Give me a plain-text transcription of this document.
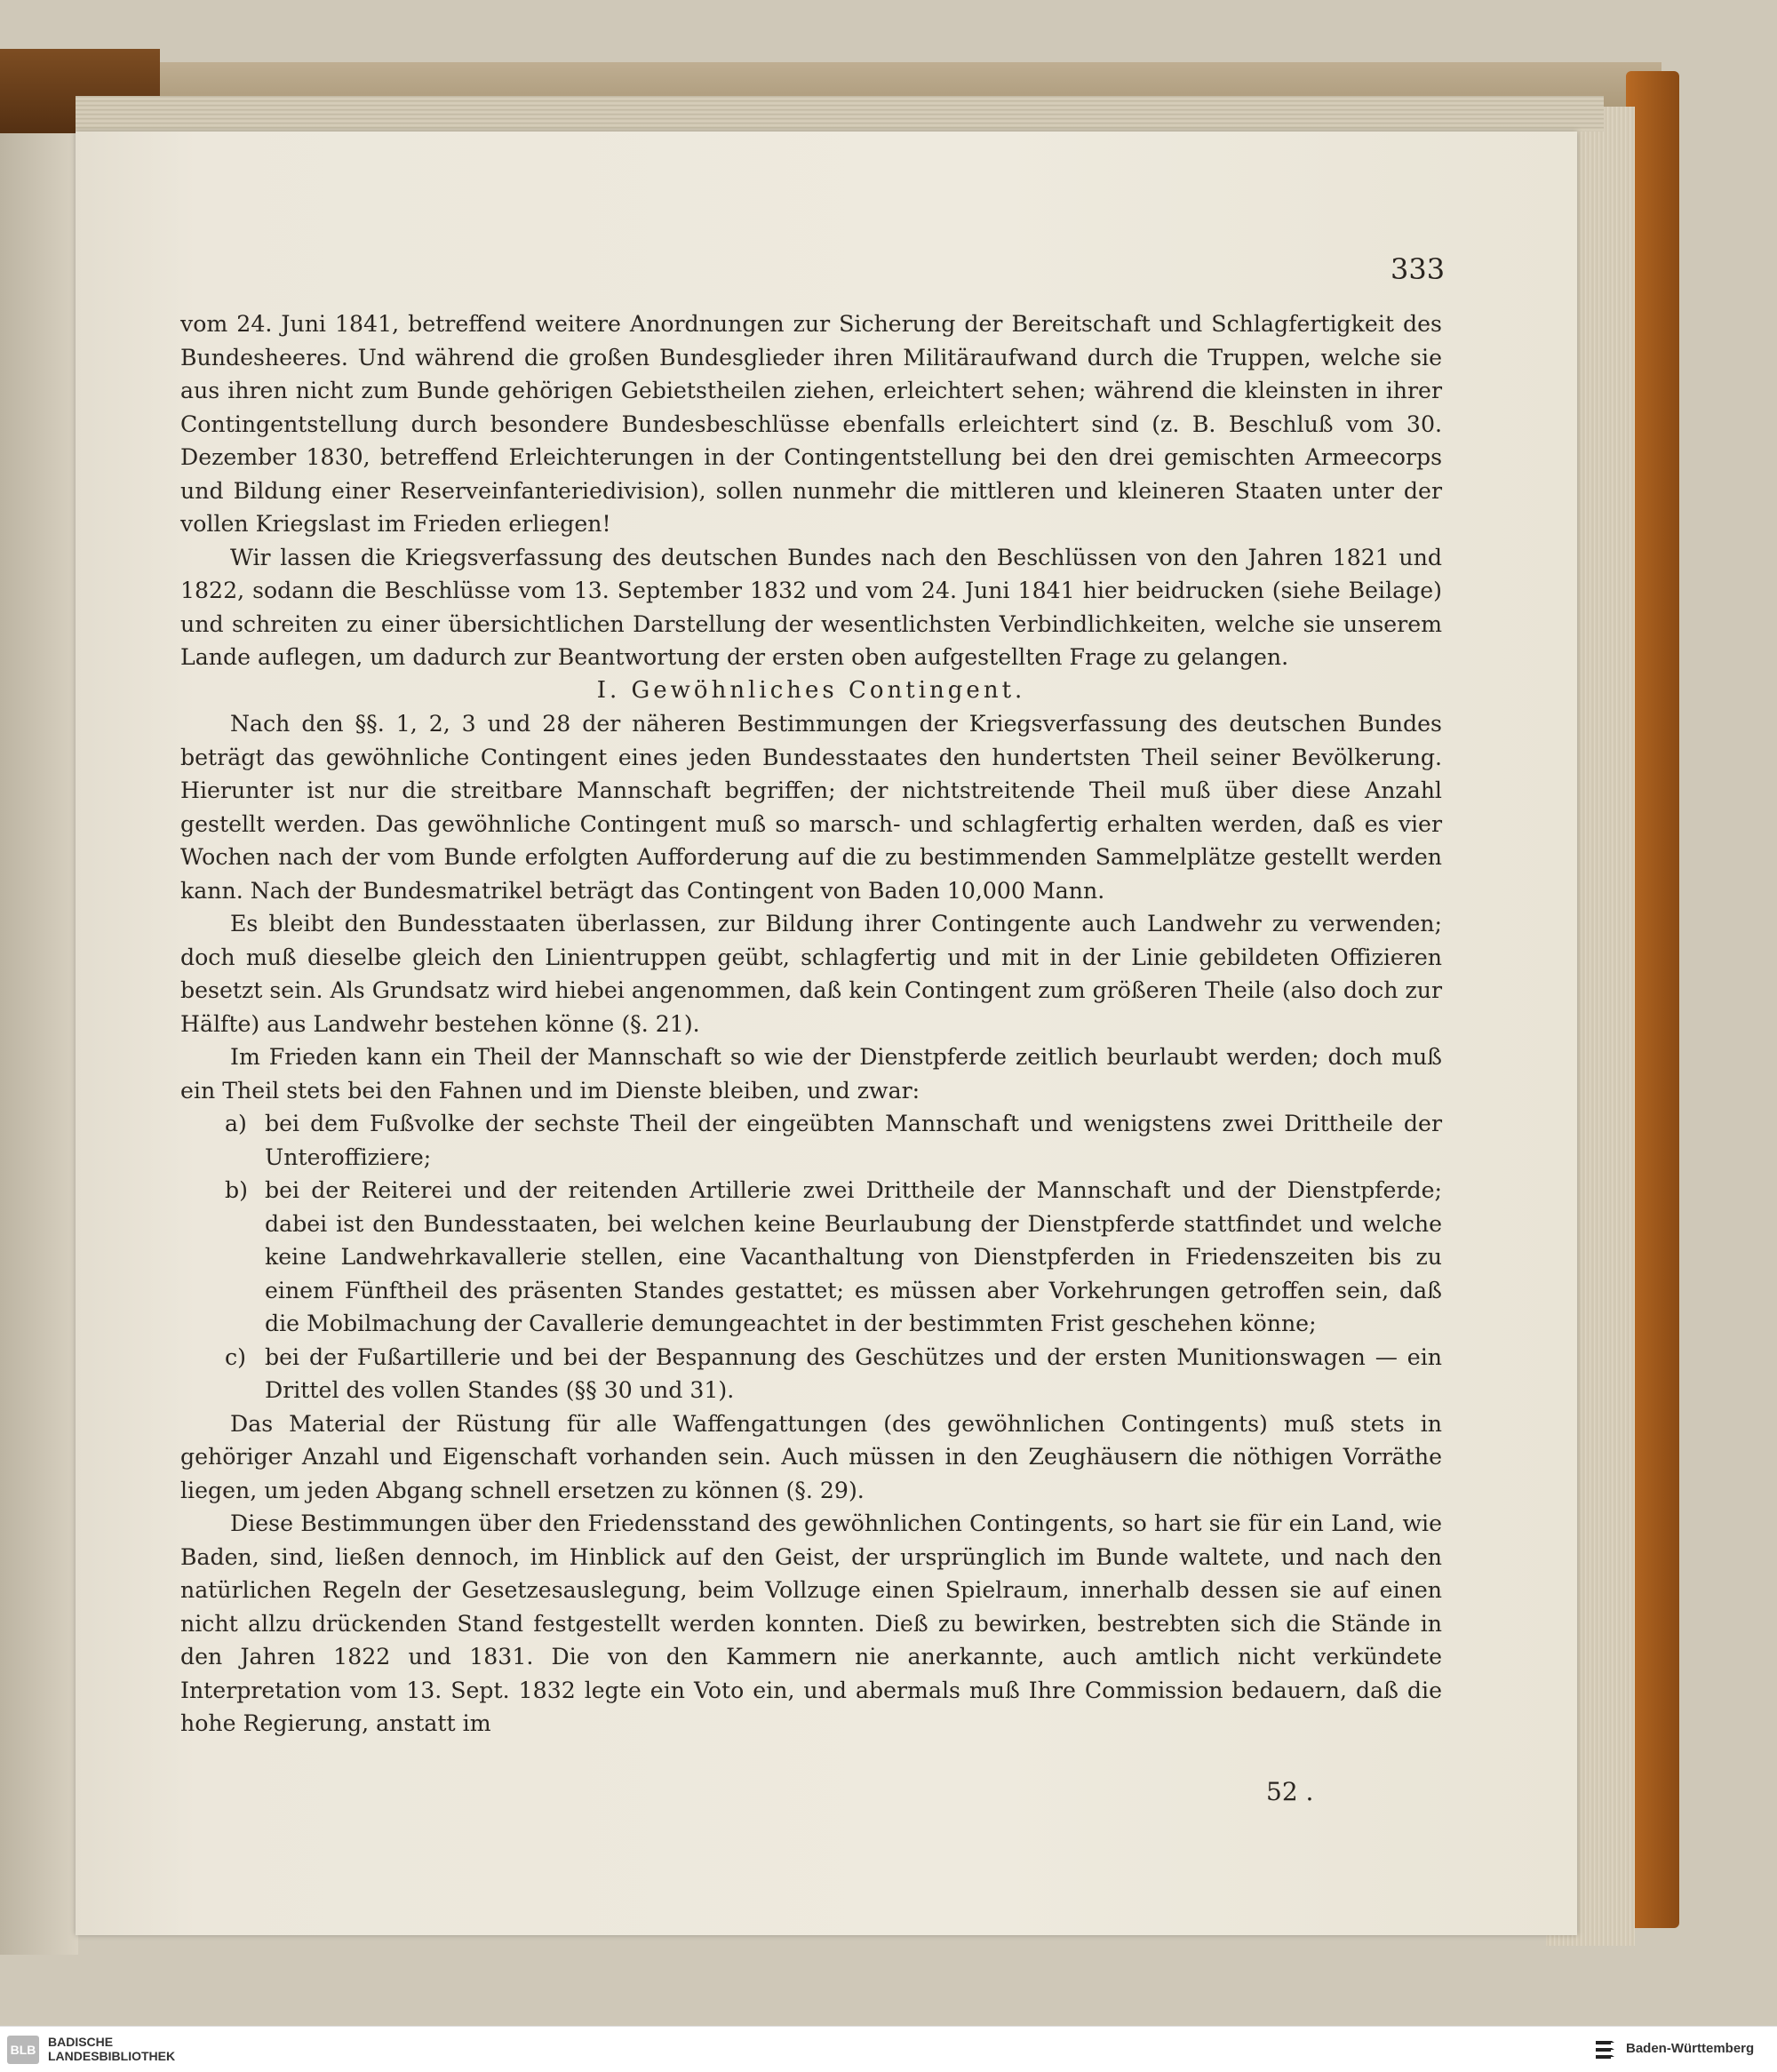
333

vom 24. Juni 1841, betreffend weitere Anordnungen zur Sicherung der Bereitschaft und Schlagfertigkeit des Bundesheeres. Und während die großen Bundesglieder ihren Militäraufwand durch die Truppen, welche sie aus ihren nicht zum Bunde gehörigen Gebietstheilen ziehen, erleichtert sehen; während die kleinsten in ihrer Contingentstellung durch besondere Bundesbeschlüsse ebenfalls erleichtert sind (z. B. Beschluß vom 30. Dezember 1830, betreffend Erleichterungen in der Contingentstellung bei den drei gemischten Armeecorps und Bildung einer Reserveinfanteriedivision), sollen nunmehr die mittleren und kleineren Staaten unter der vollen Kriegslast im Frieden erliegen!

Wir lassen die Kriegsverfassung des deutschen Bundes nach den Beschlüssen von den Jahren 1821 und 1822, sodann die Beschlüsse vom 13. September 1832 und vom 24. Juni 1841 hier beidrucken (siehe Beilage) und schreiten zu einer übersichtlichen Darstellung der wesentlichsten Verbindlichkeiten, welche sie unserem Lande auflegen, um dadurch zur Beantwortung der ersten oben aufgestellten Frage zu gelangen.

I. Gewöhnliches Contingent.

Nach den §§. 1, 2, 3 und 28 der näheren Bestimmungen der Kriegsverfassung des deutschen Bundes beträgt das gewöhnliche Contingent eines jeden Bundesstaates den hundertsten Theil seiner Bevölkerung. Hierunter ist nur die streitbare Mannschaft begriffen; der nichtstreitende Theil muß über diese Anzahl gestellt werden. Das gewöhnliche Contingent muß so marsch- und schlagfertig erhalten werden, daß es vier Wochen nach der vom Bunde erfolgten Aufforderung auf die zu bestimmenden Sammelplätze gestellt werden kann. Nach der Bundesmatrikel beträgt das Contingent von Baden 10,000 Mann.

Es bleibt den Bundesstaaten überlassen, zur Bildung ihrer Contingente auch Landwehr zu verwenden; doch muß dieselbe gleich den Linientruppen geübt, schlagfertig und mit in der Linie gebildeten Offizieren besetzt sein. Als Grundsatz wird hiebei angenommen, daß kein Contingent zum größeren Theile (also doch zur Hälfte) aus Landwehr bestehen könne (§. 21).

Im Frieden kann ein Theil der Mannschaft so wie der Dienstpferde zeitlich beurlaubt werden; doch muß ein Theil stets bei den Fahnen und im Dienste bleiben, und zwar:

a) bei dem Fußvolke der sechste Theil der eingeübten Mannschaft und wenigstens zwei Drittheile der Unteroffiziere;
b) bei der Reiterei und der reitenden Artillerie zwei Drittheile der Mannschaft und der Dienstpferde; dabei ist den Bundesstaaten, bei welchen keine Beurlaubung der Dienstpferde stattfindet und welche keine Landwehrkavallerie stellen, eine Vacanthaltung von Dienstpferden in Friedenszeiten bis zu einem Fünftheil des präsenten Standes gestattet; es müssen aber Vorkehrungen getroffen sein, daß die Mobilmachung der Cavallerie demungeachtet in der bestimmten Frist geschehen könne;
c) bei der Fußartillerie und bei der Bespannung des Geschützes und der ersten Munitionswagen — ein Drittel des vollen Standes (§§ 30 und 31).

Das Material der Rüstung für alle Waffengattungen (des gewöhnlichen Contingents) muß stets in gehöriger Anzahl und Eigenschaft vorhanden sein. Auch müssen in den Zeughäusern die nöthigen Vorräthe liegen, um jeden Abgang schnell ersetzen zu können (§. 29).

Diese Bestimmungen über den Friedensstand des gewöhnlichen Contingents, so hart sie für ein Land, wie Baden, sind, ließen dennoch, im Hinblick auf den Geist, der ursprünglich im Bunde waltete, und nach den natürlichen Regeln der Gesetzesauslegung, beim Vollzuge einen Spielraum, innerhalb dessen sie auf einen nicht allzu drückenden Stand festgestellt werden konnten. Dieß zu bewirken, bestrebten sich die Stände in den Jahren 1822 und 1831. Die von den Kammern nie anerkannte, auch amtlich nicht verkündete Interpretation vom 13. Sept. 1832 legte ein Voto ein, und abermals muß Ihre Commission bedauern, daß die hohe Regierung, anstatt im

52 .
BLB
BADISCHE
LANDESBIBLIOTHEK	Baden-Württemberg
